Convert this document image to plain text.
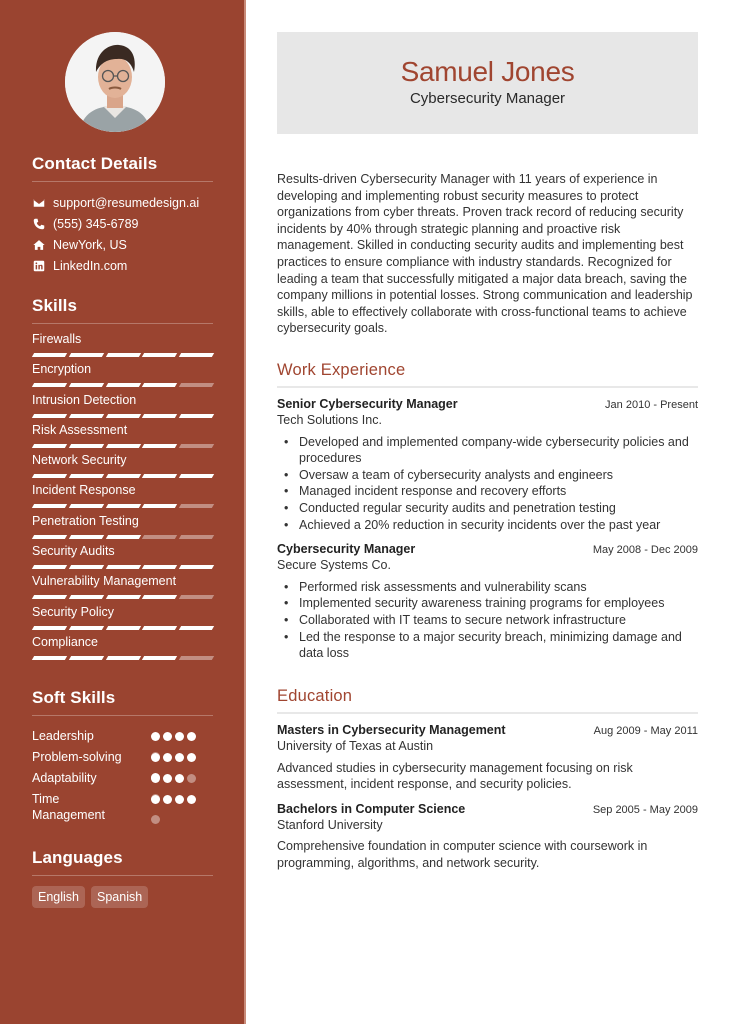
Contact Details
support@resumedesign.ai
(555) 345-6789
NewYork, US
LinkedIn.com
Skills
Firewalls
Encryption
Intrusion Detection
Risk Assessment
Network Security
Incident Response
Penetration Testing
Security Audits
Vulnerability Management
Security Policy
Compliance
Soft Skills
Leadership
Problem-solving
Adaptability
Time Management
Languages
English	Spanish
Samuel Jones
Cybersecurity Manager
Results-driven Cybersecurity Manager with 11 years of experience in developing and implementing robust security measures to protect organizations from cyber threats. Proven track record of reducing security incidents by 40% through strategic planning and proactive risk management. Skilled in conducting security audits and implementing best practices to ensure compliance with industry standards. Recognized for leading a team that successfully mitigated a major data breach, saving the company millions in potential losses. Strong communication and leadership skills, able to effectively collaborate with cross-functional teams to achieve cybersecurity goals.
Work Experience
Senior Cybersecurity Manager	Jan 2010 - Present
Tech Solutions Inc.
• Developed and implemented company-wide cybersecurity policies and procedures
• Oversaw a team of cybersecurity analysts and engineers
• Managed incident response and recovery efforts
• Conducted regular security audits and penetration testing
• Achieved a 20% reduction in security incidents over the past year
Cybersecurity Manager	May 2008 - Dec 2009
Secure Systems Co.
• Performed risk assessments and vulnerability scans
• Implemented security awareness training programs for employees
• Collaborated with IT teams to secure network infrastructure
• Led the response to a major security breach, minimizing damage and data loss
Education
Masters in Cybersecurity Management	Aug 2009 - May 2011
University of Texas at Austin
Advanced studies in cybersecurity management focusing on risk assessment, incident response, and security policies.
Bachelors in Computer Science	Sep 2005 - May 2009
Stanford University
Comprehensive foundation in computer science with coursework in programming, algorithms, and network security.
